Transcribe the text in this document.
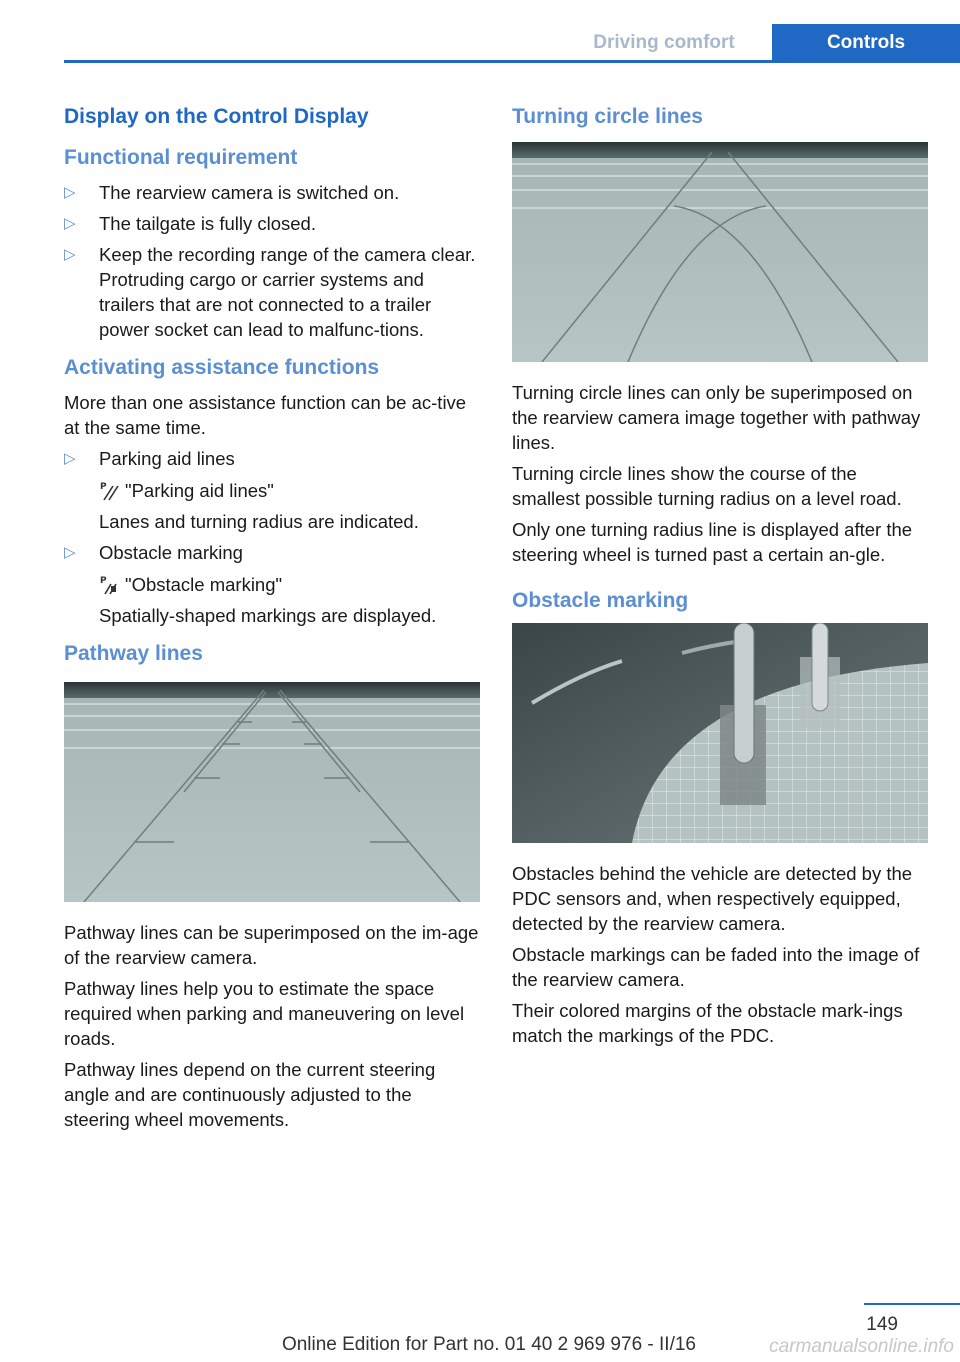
Driving comfort	Controls
Display on the Control Display
Functional requirement
▷ The rearview camera is switched on.
▷ The tailgate is fully closed.
▷ Keep the recording range of the camera clear. Protruding cargo or carrier systems and trailers that are not connected to a trailer power socket can lead to malfunc‐tions.
Activating assistance functions

More than one assistance function can be ac‐tive at the same time.

▷ Parking aid lines
P "Parking aid lines"
Lanes and turning radius are indicated.
▷ Obstacle marking
P "Obstacle marking"
Spatially-shaped markings are displayed.
Pathway lines

Pathway lines can be superimposed on the im‐age of the rearview camera.

Pathway lines help you to estimate the space required when parking and maneuvering on level roads.

Pathway lines depend on the current steering angle and are continuously adjusted to the steering wheel movements.

Turning circle lines

Turning circle lines can only be superimposed on the rearview camera image together with pathway lines.

Turning circle lines show the course of the smallest possible turning radius on a level road.

Only one turning radius line is displayed after the steering wheel is turned past a certain an‐gle.

Obstacle marking

Obstacles behind the vehicle are detected by the PDC sensors and, when respectively equipped, detected by the rearview camera.

Obstacle markings can be faded into the image of the rearview camera.

Their colored margins of the obstacle mark‐ings match the markings of the PDC.

149
Online Edition for Part no. 01 40 2 969 976 - II/16	carmanualsonline.info
